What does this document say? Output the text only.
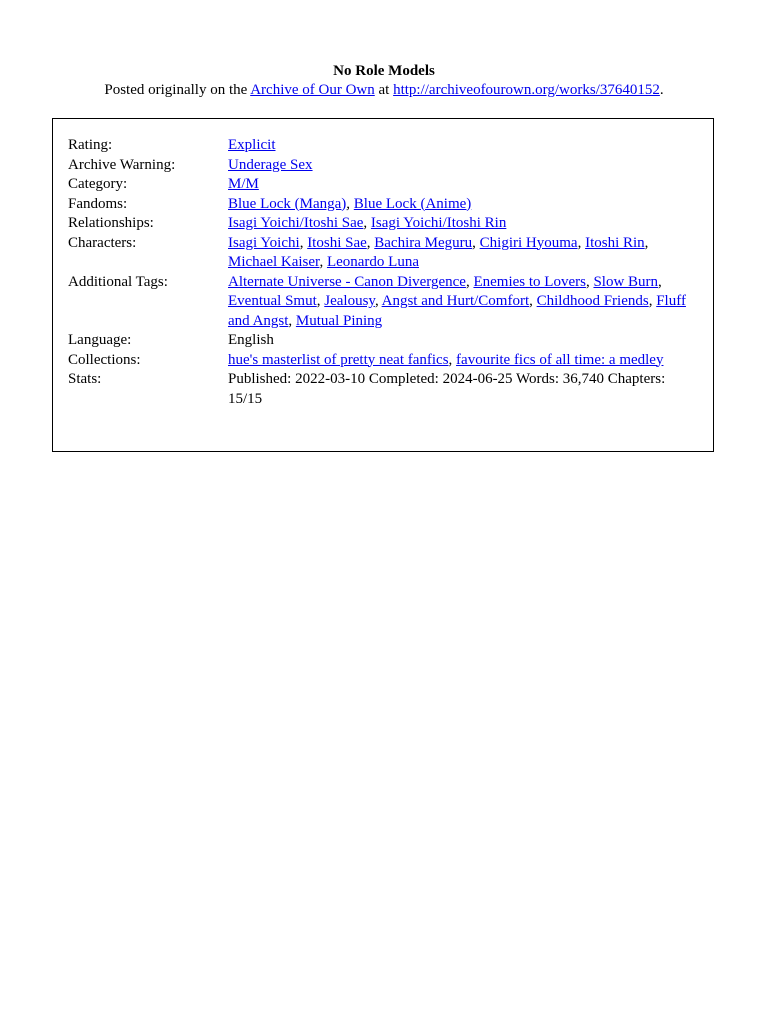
No Role Models
Posted originally on the Archive of Our Own at http://archiveofourown.org/works/37640152.
Rating:	Explicit
Archive Warning:	Underage Sex
Category:	M/M
Fandoms:	Blue Lock (Manga), Blue Lock (Anime)
Relationships:	Isagi Yoichi/Itoshi Sae, Isagi Yoichi/Itoshi Rin
Characters:	Isagi Yoichi, Itoshi Sae, Bachira Meguru, Chigiri Hyouma, Itoshi Rin, Michael Kaiser, Leonardo Luna
Additional Tags:	Alternate Universe - Canon Divergence, Enemies to Lovers, Slow Burn, Eventual Smut, Jealousy, Angst and Hurt/Comfort, Childhood Friends, Fluff and Angst, Mutual Pining
Language:	English
Collections:	hue's masterlist of pretty neat fanfics, favourite fics of all time: a medley
Stats:	Published: 2022-03-10 Completed: 2024-06-25 Words: 36,740 Chapters: 15/15
